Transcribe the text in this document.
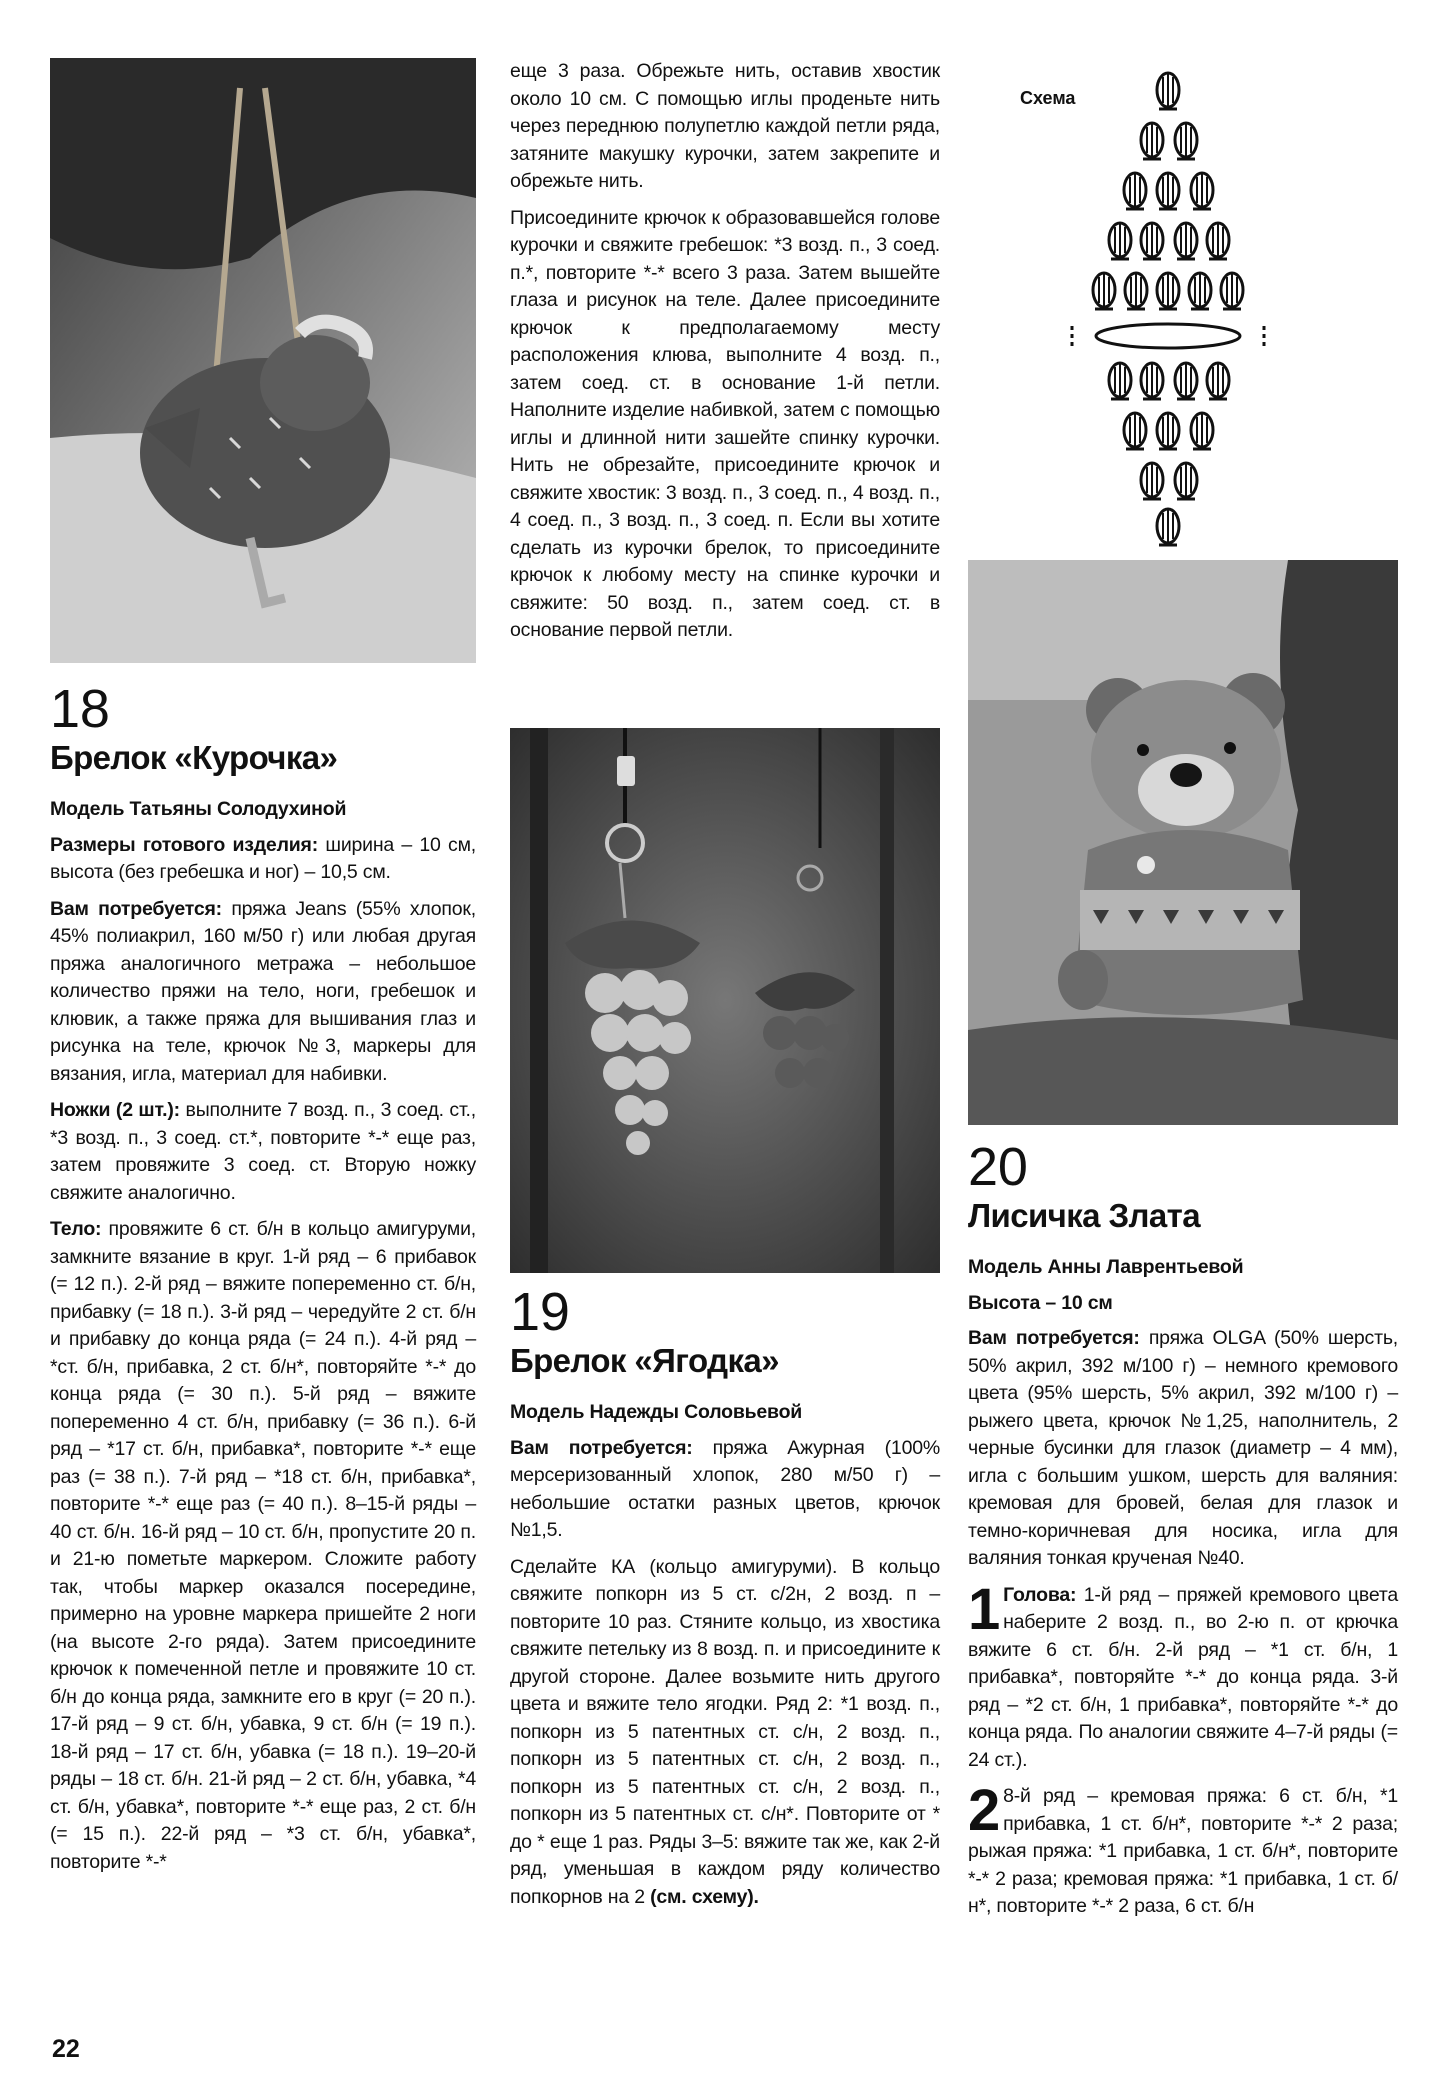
18
Брелок «Курочка»

Модель Татьяны Солодухиной

Размеры готового изделия: ширина – 10 см, высота (без гребешка и ног) – 10,5 см.

Вам потребуется: пряжа Jeans (55% хлопок, 45% полиакрил, 160 м/50 г) или любая другая пряжа аналогичного метража – небольшое количество пряжи на тело, ноги, гребешок и клювик, а также пряжа для вышивания глаз и рисунка на теле, крючок №3, маркеры для вязания, игла, материал для набивки.

Ножки (2 шт.): выполните 7 возд. п., 3 соед. ст., *3 возд. п., 3 соед. ст.*, повторите *-* еще раз, затем провяжите 3 соед. ст. Вторую ножку свяжите аналогично.

Тело: провяжите 6 ст. б/н в кольцо амигуруми, замкните вязание в круг. 1-й ряд – 6 прибавок (= 12 п.). 2-й ряд – вяжите попеременно ст. б/н, прибавку (= 18 п.). 3-й ряд – чередуйте 2 ст. б/н и прибавку до конца ряда (= 24 п.). 4-й ряд – *ст. б/н, прибавка, 2 ст. б/н*, повторяйте *-* до конца ряда (= 30 п.). 5-й ряд – вяжите попеременно 4 ст. б/н, прибавку (= 36 п.). 6-й ряд – *17 ст. б/н, прибавка*, повторите *-* еще раз (= 38 п.). 7-й ряд – *18 ст. б/н, прибавка*, повторите *-* еще раз (= 40 п.). 8–15-й ряды – 40 ст. б/н. 16-й ряд – 10 ст. б/н, пропустите 20 п. и 21-ю пометьте маркером. Сложите работу так, чтобы маркер оказался посередине, примерно на уровне маркера пришейте 2 ноги (на высоте 2-го ряда). Затем присоедините крючок к помеченной петле и провяжите 10 ст. б/н до конца ряда, замкните его в круг (= 20 п.). 17-й ряд – 9 ст. б/н, убавка, 9 ст. б/н (= 19 п.). 18-й ряд – 17 ст. б/н, убавка (= 18 п.). 19–20-й ряды – 18 ст. б/н. 21-й ряд – 2 ст. б/н, убавка, *4 ст. б/н, убавка*, повторите *-* еще раз, 2 ст. б/н (= 15 п.). 22-й ряд – *3 ст. б/н, убавка*, повторите *-*

еще 3 раза. Обрежьте нить, оставив хвостик около 10 см. С помощью иглы проденьте нить через переднюю полупетлю каждой петли ряда, затяните макушку курочки, затем закрепите и обрежьте нить.

Присоедините крючок к образовавшейся голове курочки и свяжите гребешок: *3 возд. п., 3 соед. п.*, повторите *-* всего 3 раза. Затем вышейте глаза и рисунок на теле. Далее присоедините крючок к предполагаемому месту расположения клюва, выполните 4 возд. п., затем соед. ст. в основание 1-й петли. Наполните изделие набивкой, затем с помощью иглы и длинной нити зашейте спинку курочки. Нить не обрезайте, присоедините крючок и свяжите хвостик: 3 возд. п., 3 соед. п., 4 возд. п., 4 соед. п., 3 возд. п., 3 соед. п. Если вы хотите сделать из курочки брелок, то присоедините крючок к любому месту на спинке курочки и свяжите: 50 возд. п., затем соед. ст. в основание первой петли.

19
Брелок «Ягодка»

Модель Надежды Соловьевой

Вам потребуется: пряжа Ажурная (100% мерсеризованный хлопок, 280 м/50 г) – небольшие остатки разных цветов, крючок №1,5.

Сделайте КА (кольцо амигуруми). В кольцо свяжите попкорн из 5 ст. с/2н, 2 возд. п – повторите 10 раз. Стяните кольцо, из хвостика свяжите петельку из 8 возд. п. и присоедините к другой стороне. Далее возьмите нить другого цвета и вяжите тело ягодки. Ряд 2: *1 возд. п., попкорн из 5 патентных ст. с/н, 2 возд. п., попкорн из 5 патентных ст. с/н, 2 возд. п., попкорн из 5 патентных ст. с/н, 2 возд. п., попкорн из 5 патентных ст. с/н*. Повторите от * до * еще 1 раз. Ряды 3–5: вяжите так же, как 2-й ряд, уменьшая в каждом ряду количество попкорнов на 2 (см. схему).

Схема
20
Лисичка Злата

Модель Анны Лаврентьевой

Высота – 10 см

Вам потребуется: пряжа OLGA (50% шерсть, 50% акрил, 392 м/100 г) – немного кремового цвета (95% шерсть, 5% акрил, 392 м/100 г) – рыжего цвета, крючок №1,25, наполнитель, 2 черные бусинки для глазок (диаметр – 4 мм), игла с большим ушком, шерсть для валяния: кремовая для бровей, белая для глазок и темно-коричневая для носика, игла для валяния тонкая крученая №40.

1 Голова: 1-й ряд – пряжей кремового цвета наберите 2 возд. п., во 2-ю п. от крючка вяжите 6 ст. б/н. 2-й ряд – *1 ст. б/н, 1 прибавка*, повторяйте *-* до конца ряда. 3-й ряд – *2 ст. б/н, 1 прибавка*, повторяйте *-* до конца ряда. По аналогии свяжите 4–7-й ряды (= 24 ст.).

2 8-й ряд – кремовая пряжа: 6 ст. б/н, *1 прибавка, 1 ст. б/н*, повторите *-* 2 раза; рыжая пряжа: *1 прибавка, 1 ст. б/н*, повторите *-* 2 раза; кремовая пряжа: *1 прибавка, 1 ст. б/н*, повторите *-* 2 раза, 6 ст. б/н

22
